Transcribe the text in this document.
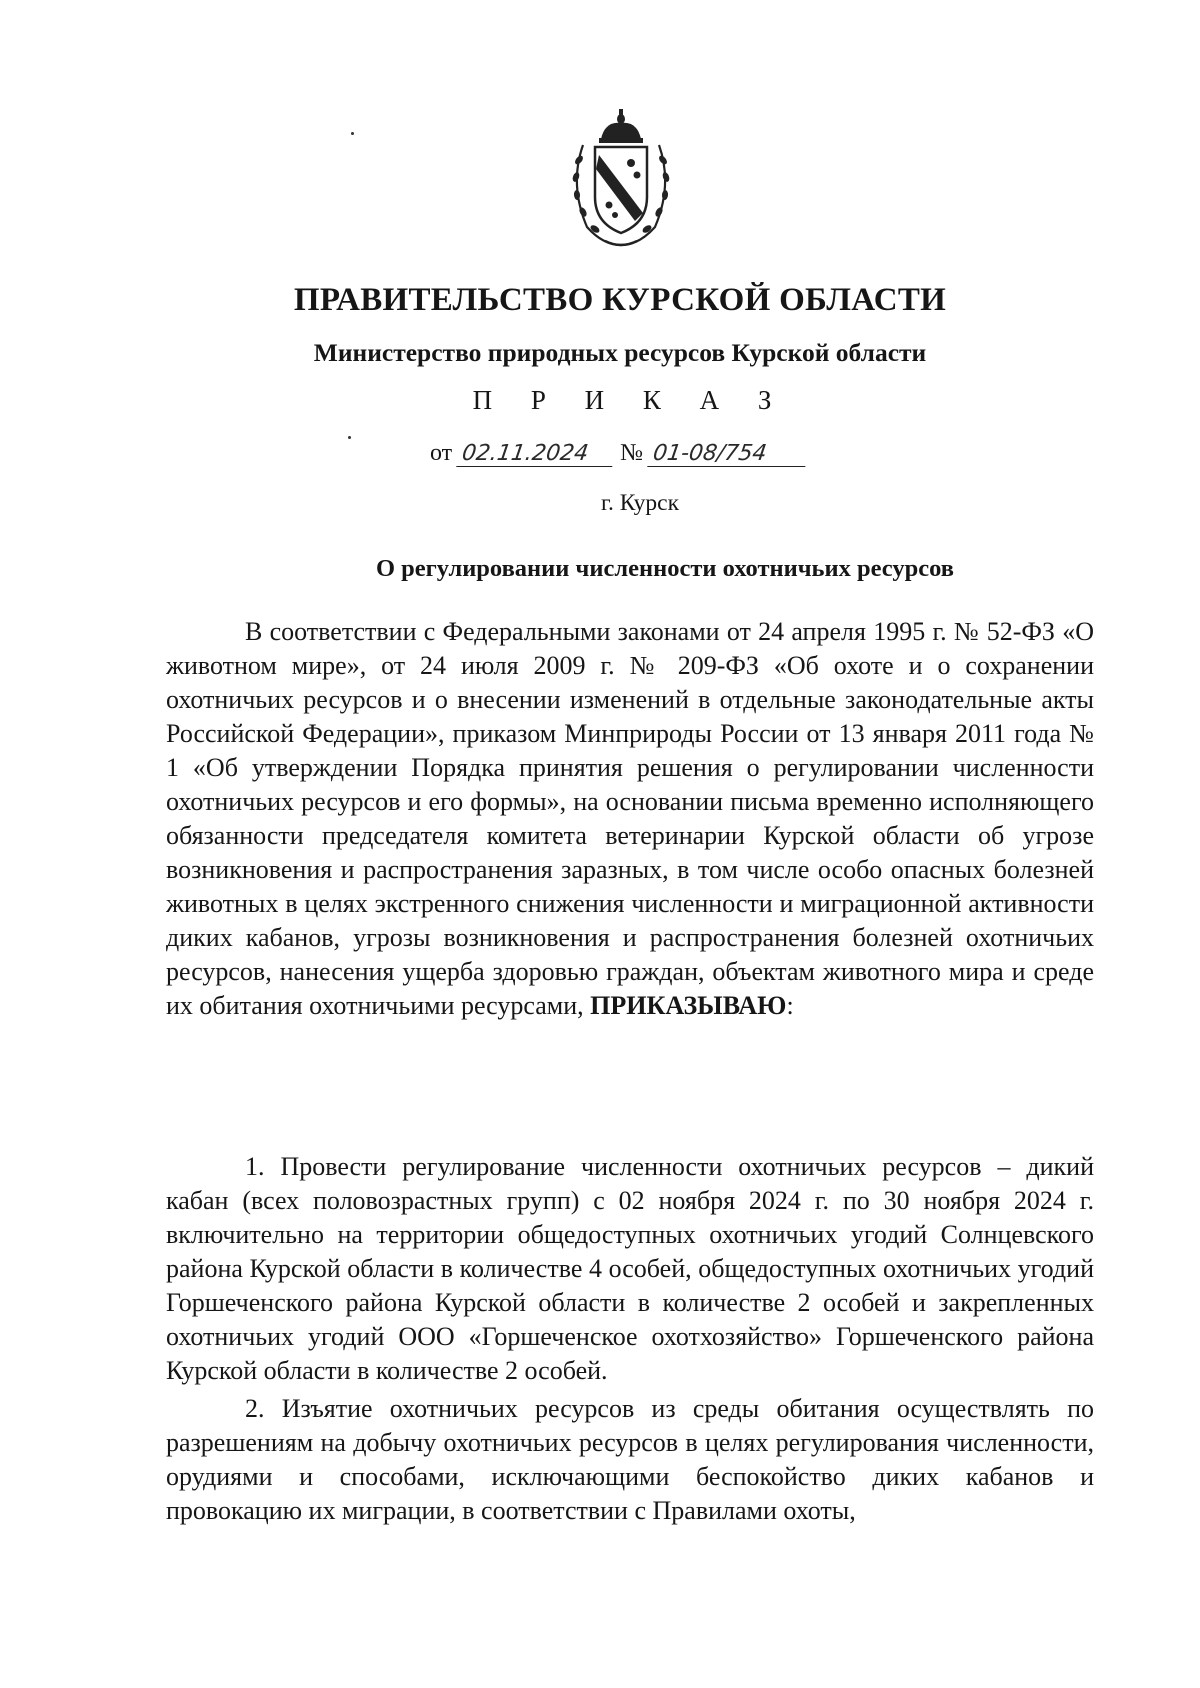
ПРАВИТЕЛЬСТВО КУРСКОЙ ОБЛАСТИ
Министерство природных ресурсов Курской области
П Р И К А З
от 02.11.2024 № 01-08/754
г. Курск
О регулировании численности охотничьих ресурсов

В соответствии с Федеральными законами от 24 апреля 1995 г. № 52-ФЗ «О животном мире», от 24 июля 2009 г. № 209-ФЗ «Об охоте и о сохранении охотничьих ресурсов и о внесении изменений в отдельные законодательные акты Российской Федерации», приказом Минприроды России от 13 января 2011 года № 1 «Об утверждении Порядка принятия решения о регулировании численности охотничьих ресурсов и его формы», на основании письма временно исполняющего обязанности председателя комитета ветеринарии Курской области об угрозе возникновения и распространения заразных, в том числе особо опасных болезней животных в целях экстренного снижения численности и миграционной активности диких кабанов, угрозы возникновения и распространения болезней охотничьих ресурсов, нанесения ущерба здоровью граждан, объектам животного мира и среде их обитания охотничьими ресурсами, ПРИКАЗЫВАЮ:

1. Провести регулирование численности охотничьих ресурсов – дикий кабан (всех половозрастных групп) с 02 ноября 2024 г. по 30 ноября 2024 г. включительно на территории общедоступных охотничьих угодий Солнцевского района Курской области в количестве 4 особей, общедоступных охотничьих угодий Горшеченского района Курской области в количестве 2 особей и закрепленных охотничьих угодий ООО «Горшеченское охотхозяйство» Горшеченского района Курской области в количестве 2 особей.

2. Изъятие охотничьих ресурсов из среды обитания осуществлять по разрешениям на добычу охотничьих ресурсов в целях регулирования численности, орудиями и способами, исключающими беспокойство диких кабанов и провокацию их миграции, в соответствии с Правилами охоты,
